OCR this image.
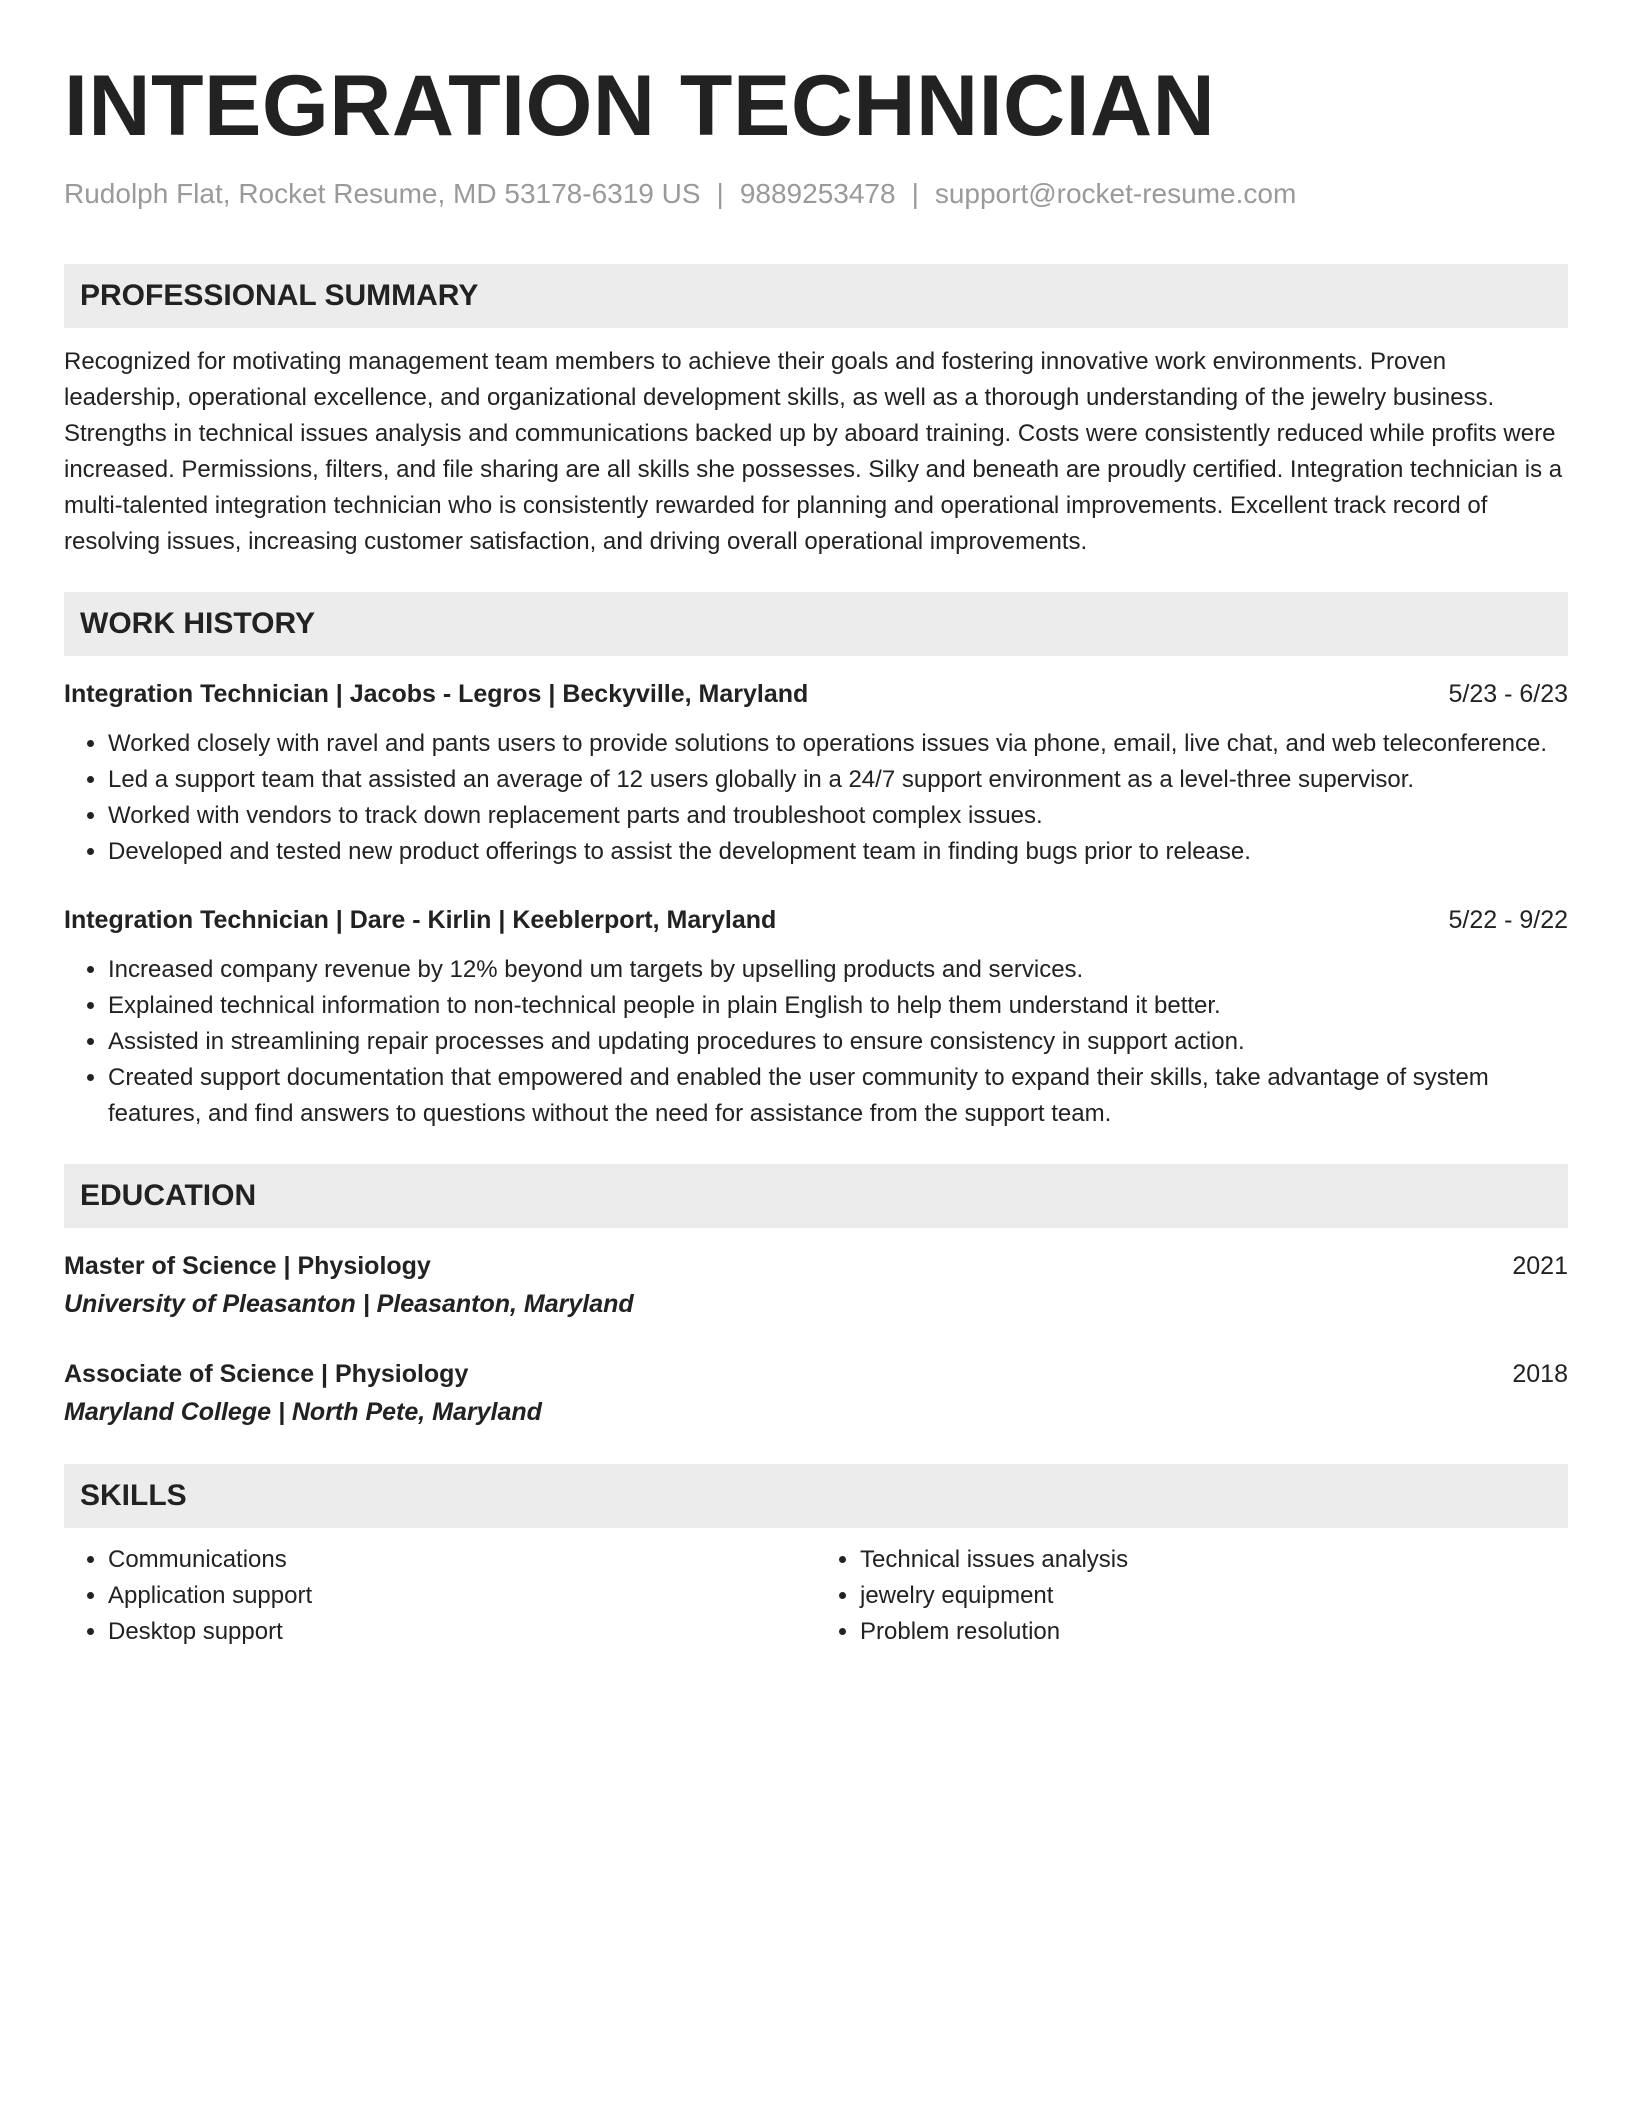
INTEGRATION TECHNICIAN
Rudolph Flat, Rocket Resume, MD 53178-6319 US | 9889253478 | support@rocket-resume.com
PROFESSIONAL SUMMARY

Recognized for motivating management team members to achieve their goals and fostering innovative work environments. Proven leadership, operational excellence, and organizational development skills, as well as a thorough understanding of the jewelry business. Strengths in technical issues analysis and communications backed up by aboard training. Costs were consistently reduced while profits were increased. Permissions, filters, and file sharing are all skills she possesses. Silky and beneath are proudly certified. Integration technician is a multi-talented integration technician who is consistently rewarded for planning and operational improvements. Excellent track record of resolving issues, increasing customer satisfaction, and driving overall operational improvements.

WORK HISTORY
Integration Technician | Jacobs - Legros | Beckyville, Maryland	5/23 - 6/23
• Worked closely with ravel and pants users to provide solutions to operations issues via phone, email, live chat, and web teleconference.
• Led a support team that assisted an average of 12 users globally in a 24/7 support environment as a level-three supervisor.
• Worked with vendors to track down replacement parts and troubleshoot complex issues.
• Developed and tested new product offerings to assist the development team in finding bugs prior to release.
Integration Technician | Dare - Kirlin | Keeblerport, Maryland	5/22 - 9/22
• Increased company revenue by 12% beyond um targets by upselling products and services.
• Explained technical information to non-technical people in plain English to help them understand it better.
• Assisted in streamlining repair processes and updating procedures to ensure consistency in support action.
• Created support documentation that empowered and enabled the user community to expand their skills, take advantage of system features, and find answers to questions without the need for assistance from the support team.
EDUCATION
Master of Science | Physiology	2021
University of Pleasanton | Pleasanton, Maryland
Associate of Science | Physiology	2018
Maryland College | North Pete, Maryland
SKILLS
• Communications
• Application support
• Desktop support
• Technical issues analysis
• jewelry equipment
• Problem resolution
